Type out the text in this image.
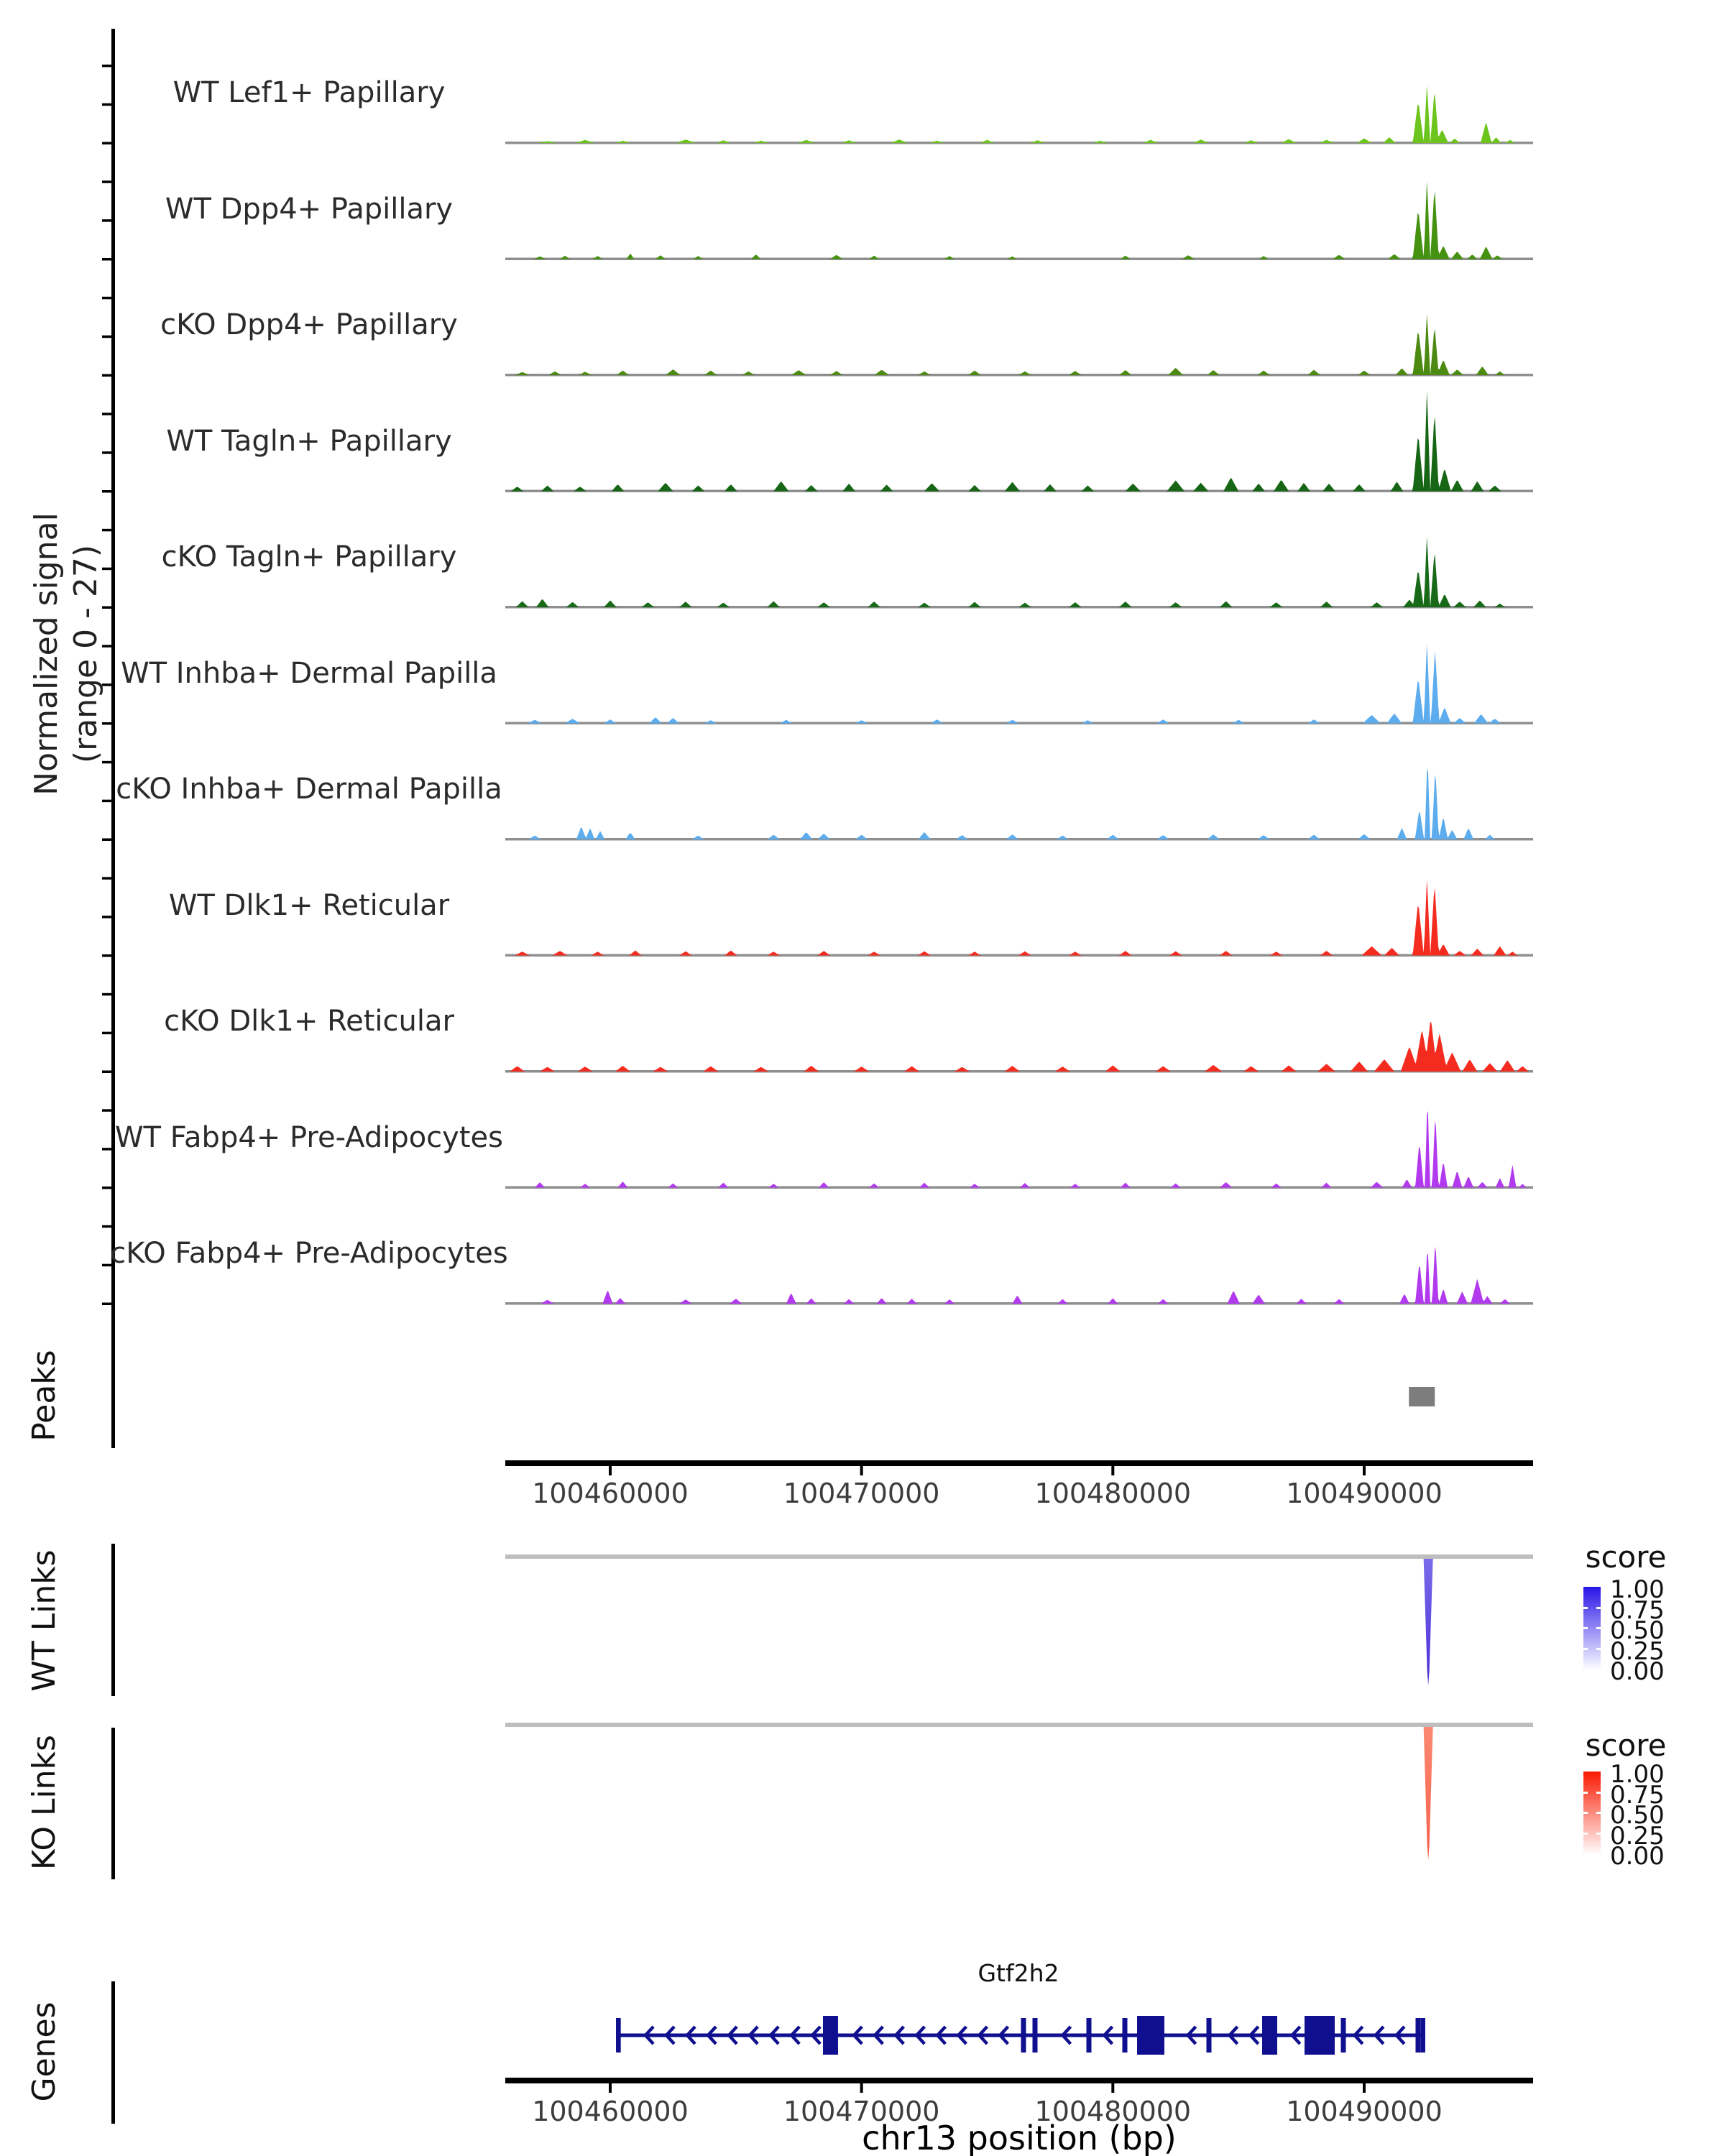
Normalized signal
(range 0 - 27)
WT Lef1+ Papillary
WT Dpp4+ Papillary
cKO Dpp4+ Papillary
WT Tagln+ Papillary
cKO Tagln+ Papillary
WT Inhba+ Dermal Papilla
cKO Inhba+ Dermal Papilla
WT Dlk1+ Reticular
cKO Dlk1+ Reticular
WT Fabp4+ Pre-Adipocytes
cKO Fabp4+ Pre-Adipocytes
Peaks
WT Links
KO Links
Genes
100460000	100470000	100480000	100490000
100460000	100470000	100480000	100490000
chr13 position (bp)
Gtf2h2
score
1.00
0.75
0.50
0.25
0.00
score
1.00
0.75
0.50
0.25
0.00
